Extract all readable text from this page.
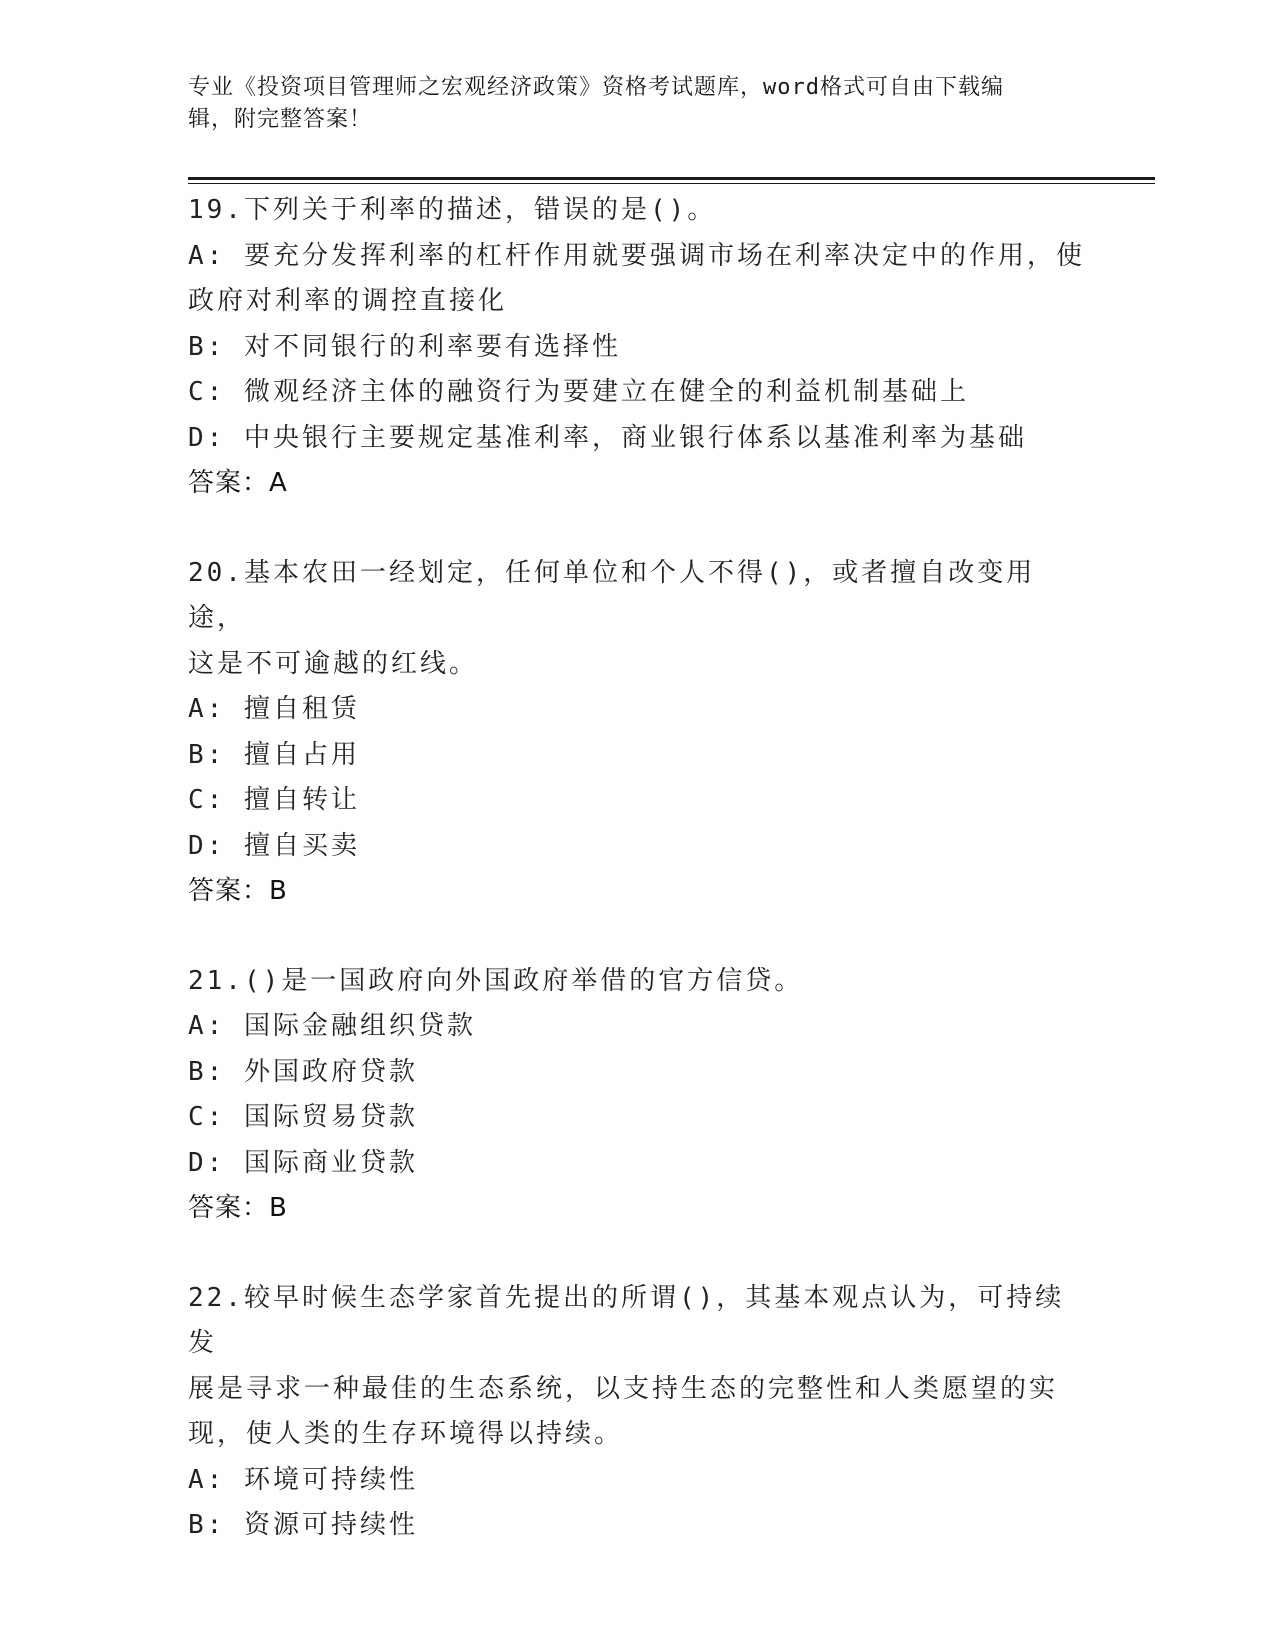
专业《投资项目管理师之宏观经济政策》资格考试题库，word格式可自由下载编
辑，附完整答案！
19.下列关于利率的描述，错误的是()。
A: 要充分发挥利率的杠杆作用就要强调市场在利率决定中的作用，使
政府对利率的调控直接化
B: 对不同银行的利率要有选择性
C: 微观经济主体的融资行为要建立在健全的利益机制基础上
D: 中央银行主要规定基准利率，商业银行体系以基准利率为基础
答案：A
20.基本农田一经划定，任何单位和个人不得()，或者擅自改变用途，
这是不可逾越的红线。
A: 擅自租赁
B: 擅自占用
C: 擅自转让
D: 擅自买卖
答案：B
21.()是一国政府向外国政府举借的官方信贷。
A: 国际金融组织贷款
B: 外国政府贷款
C: 国际贸易贷款
D: 国际商业贷款
答案：B
22.较早时候生态学家首先提出的所谓()，其基本观点认为，可持续发
展是寻求一种最佳的生态系统，以支持生态的完整性和人类愿望的实
现，使人类的生存环境得以持续。
A: 环境可持续性
B: 资源可持续性
